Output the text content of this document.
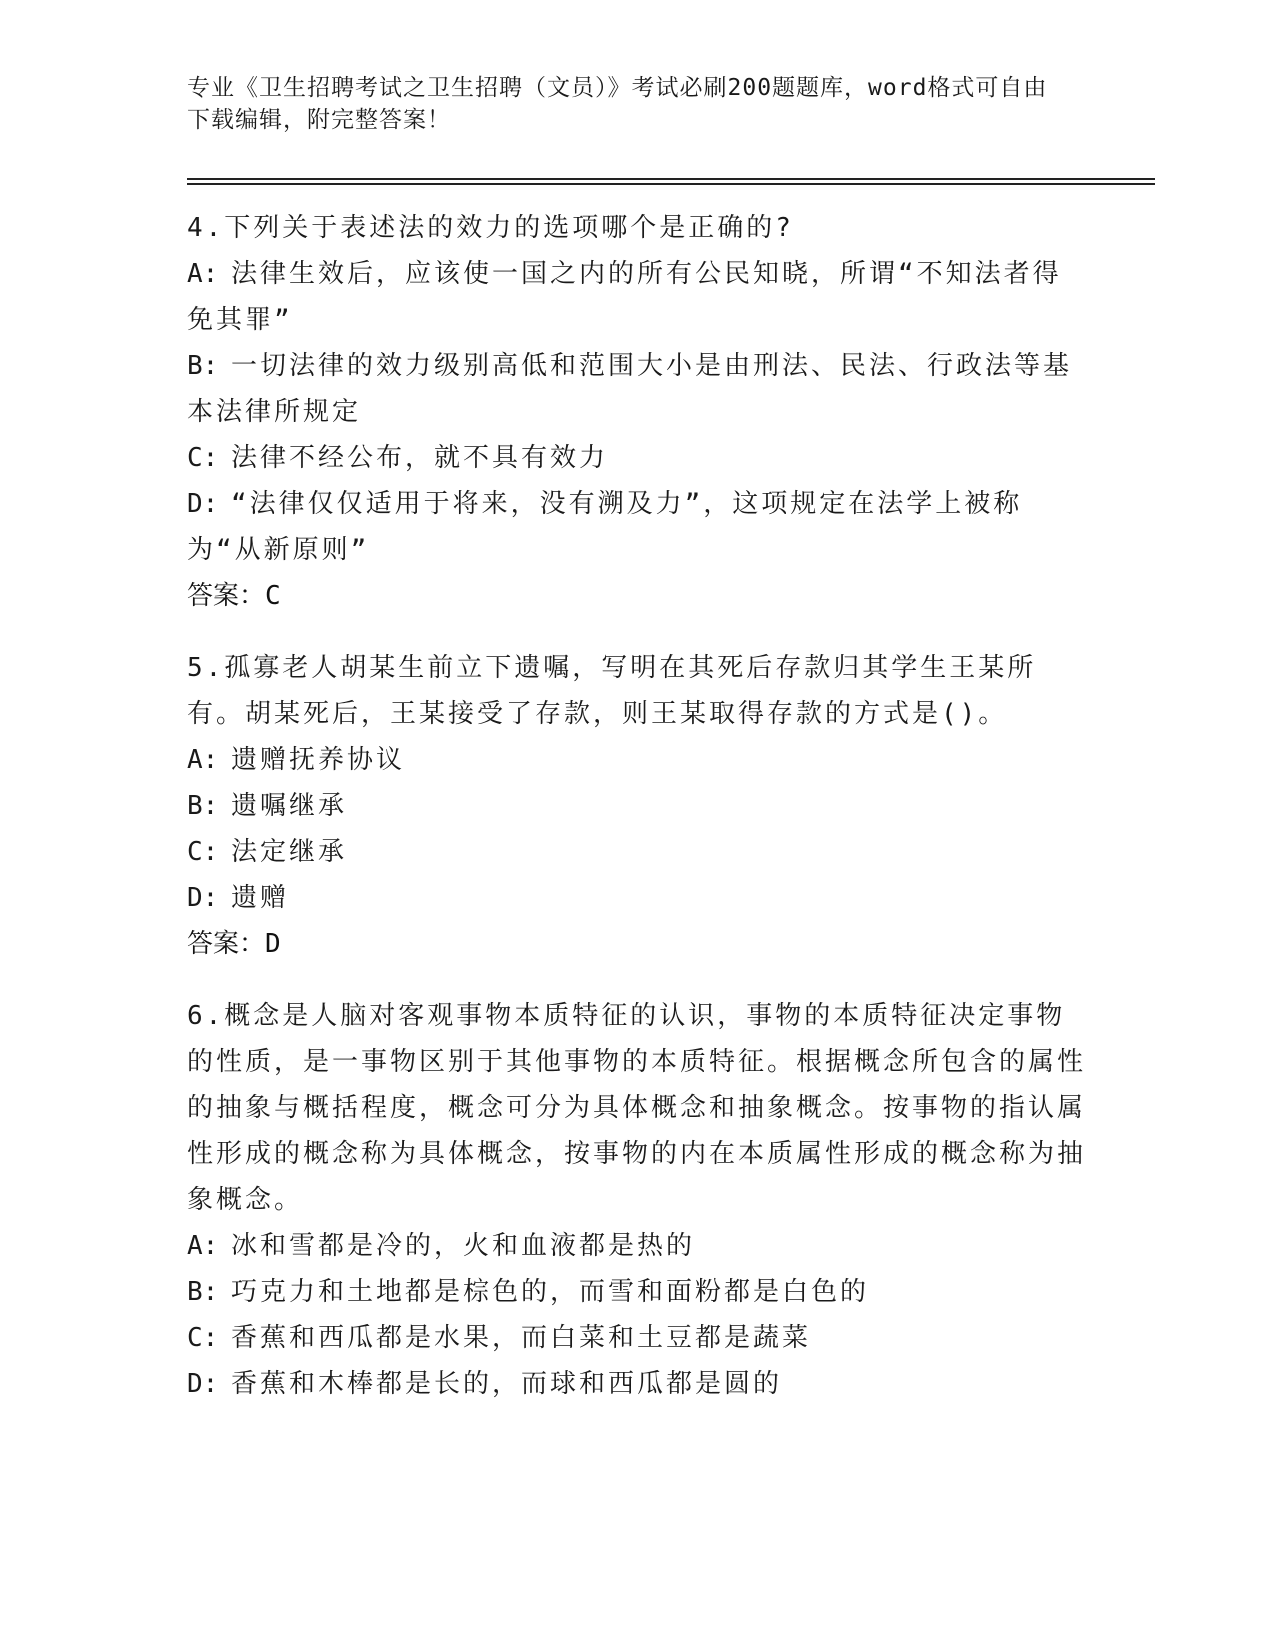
专业《卫生招聘考试之卫生招聘（文员）》考试必刷200题题库，word格式可自由下载编辑，附完整答案！
4.下列关于表述法的效力的选项哪个是正确的?
A: 法律生效后，应该使一国之内的所有公民知晓，所谓“不知法者得免其罪”
B: 一切法律的效力级别高低和范围大小是由刑法、民法、行政法等基本法律所规定
C: 法律不经公布，就不具有效力
D: “法律仅仅适用于将来，没有溯及力”，这项规定在法学上被称为“从新原则”
答案：C
5.孤寡老人胡某生前立下遗嘱，写明在其死后存款归其学生王某所有。胡某死后，王某接受了存款，则王某取得存款的方式是()。
A: 遗赠抚养协议
B: 遗嘱继承
C: 法定继承
D: 遗赠
答案：D
6.概念是人脑对客观事物本质特征的认识，事物的本质特征决定事物的性质，是一事物区别于其他事物的本质特征。根据概念所包含的属性的抽象与概括程度，概念可分为具体概念和抽象概念。按事物的指认属性形成的概念称为具体概念，按事物的内在本质属性形成的概念称为抽象概念。
A: 冰和雪都是冷的，火和血液都是热的
B: 巧克力和土地都是棕色的，而雪和面粉都是白色的
C: 香蕉和西瓜都是水果，而白菜和土豆都是蔬菜
D: 香蕉和木棒都是长的，而球和西瓜都是圆的
